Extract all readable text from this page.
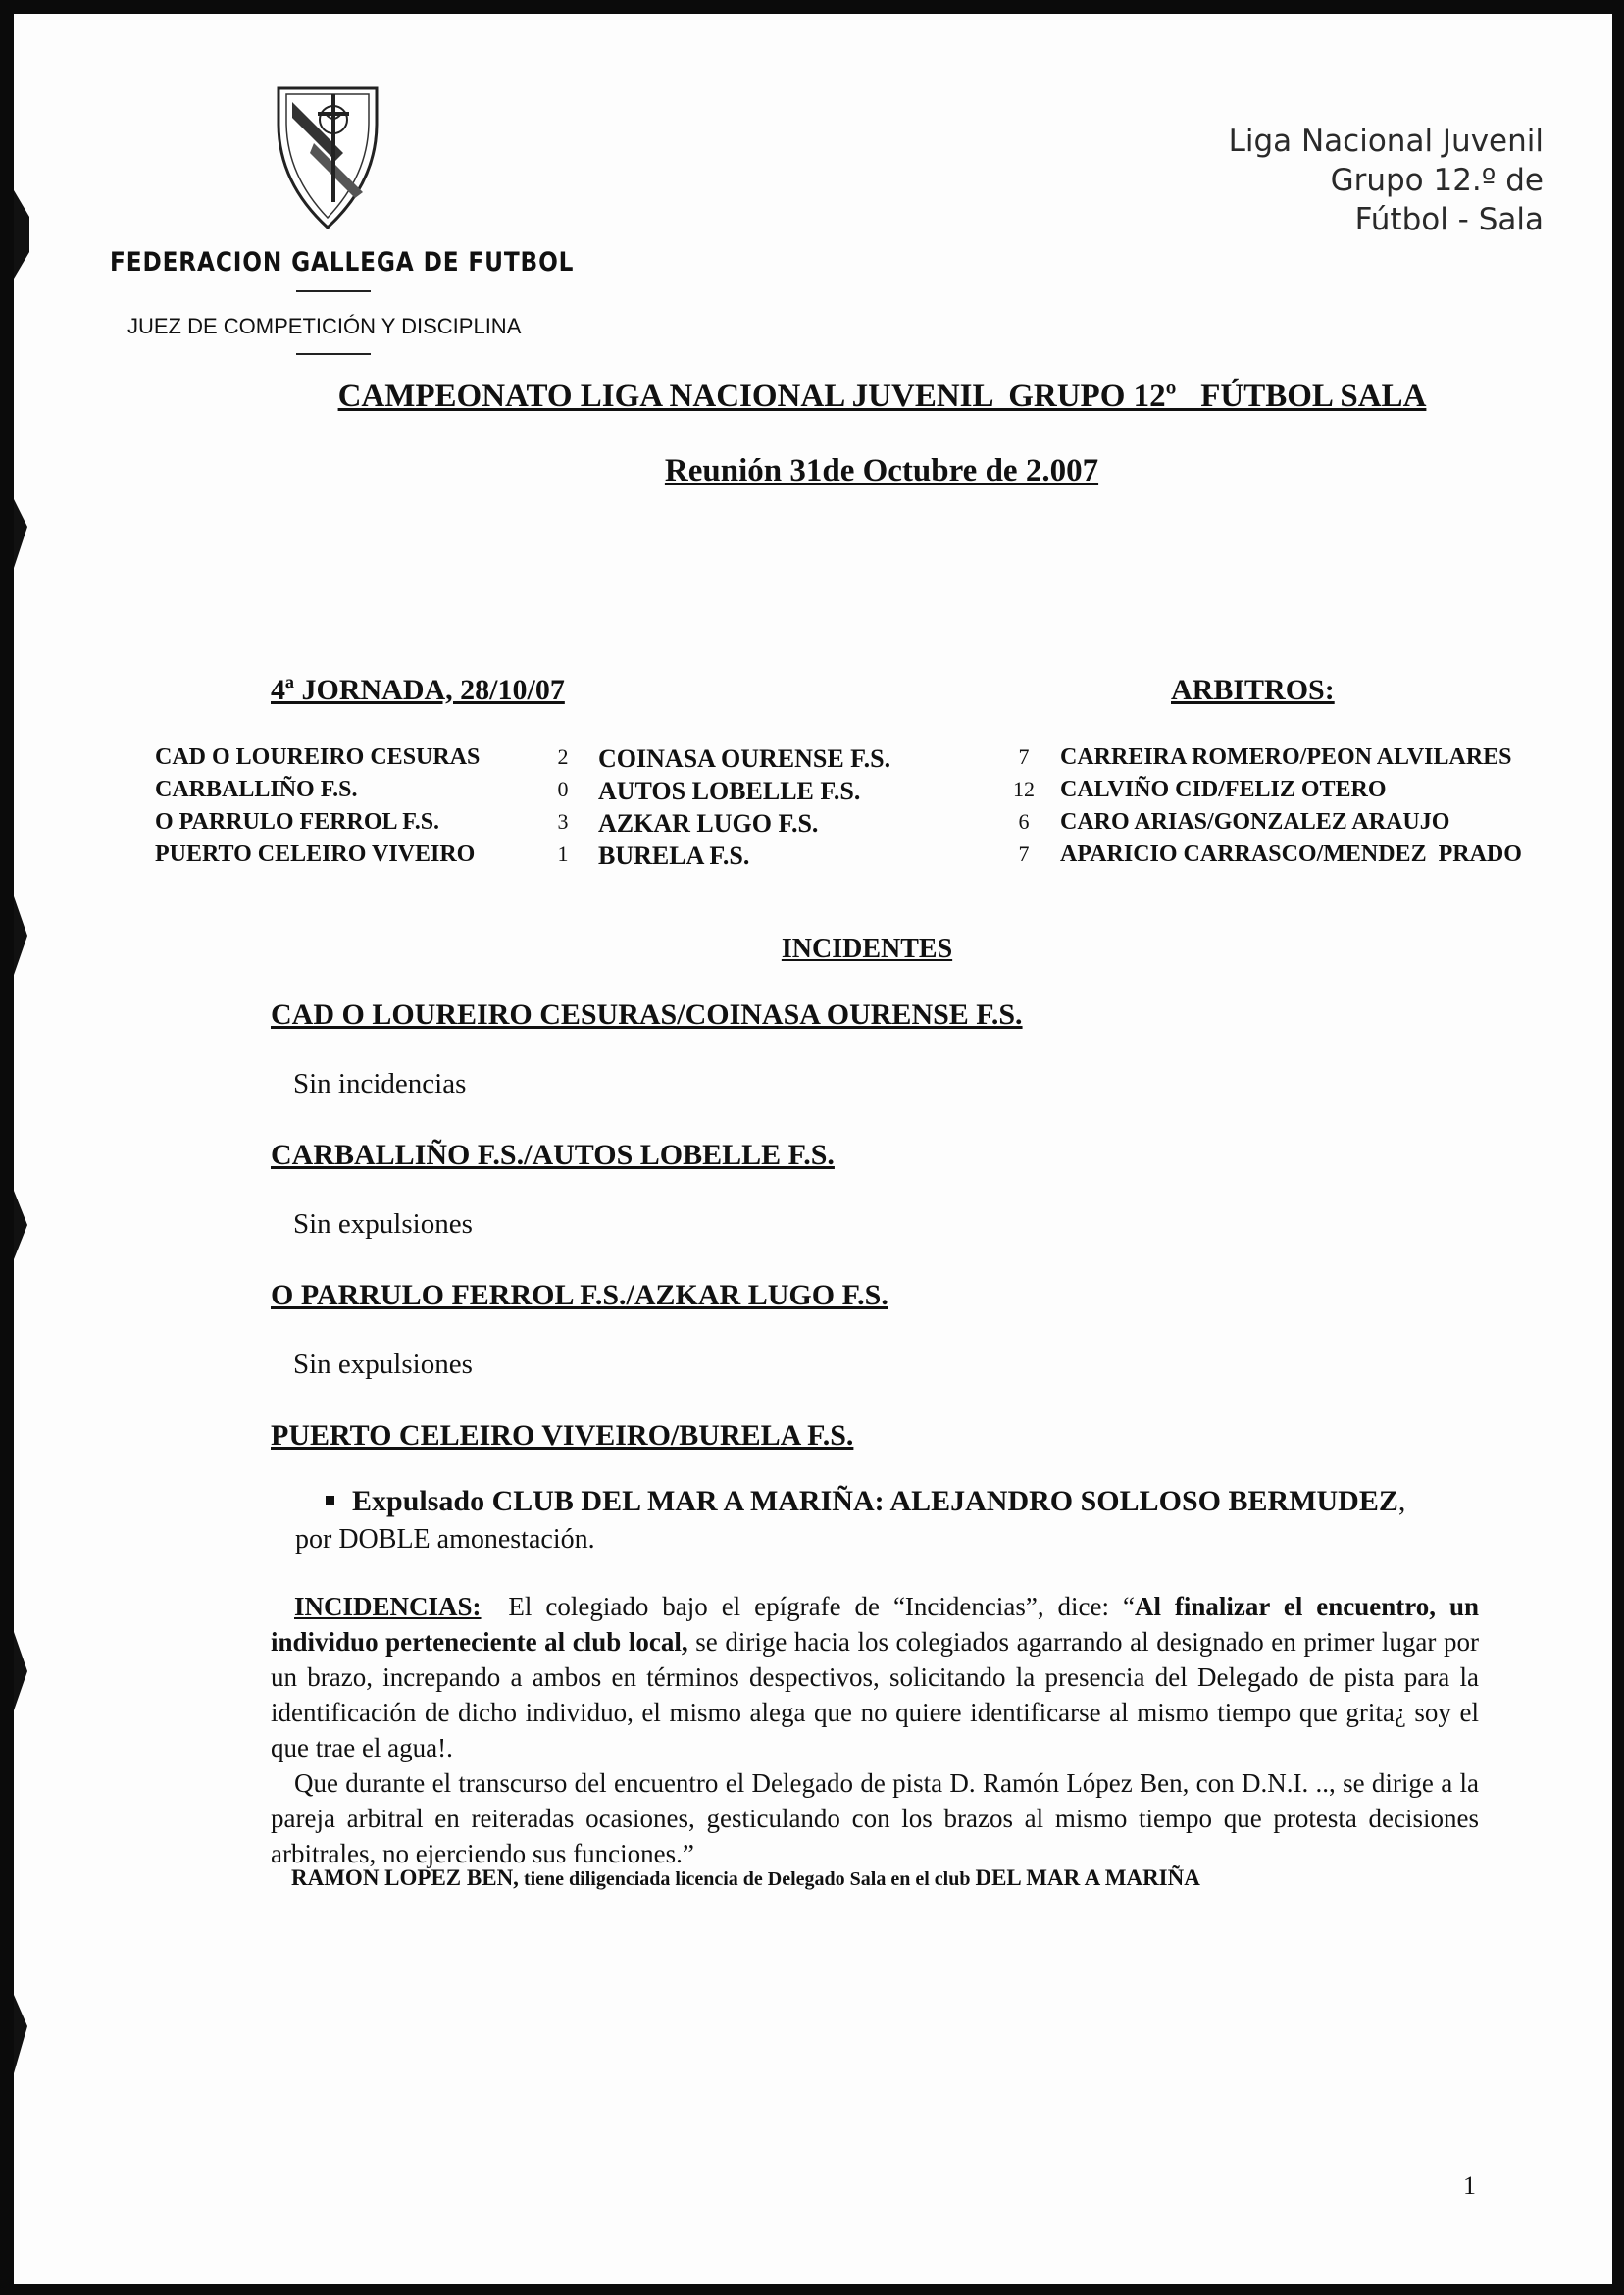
FEDERACION GALLEGA DE FUTBOL
JUEZ DE COMPETICIÓN Y DISCIPLINA
Liga Nacional Juvenil
Grupo 12.º de
Fútbol - Sala
CAMPEONATO LIGA NACIONAL JUVENIL  GRUPO 12º   FÚTBOL SALA
Reunión 31de Octubre de 2.007
4ª JORNADA, 28/10/07	ARBITROS:
CAD O LOUREIRO CESURAS	2 COINASA OURENSE F.S.	7	CARREIRA ROMERO/PEON ALVILARES
CARBALLIÑO F.S.	0 AUTOS LOBELLE F.S.	12	CALVIÑO CID/FELIZ OTERO
O PARRULO FERROL F.S.	3 AZKAR LUGO F.S.	6	CARO ARIAS/GONZALEZ ARAUJO
PUERTO CELEIRO VIVEIRO	1 BURELA F.S.	7	APARICIO CARRASCO/MENDEZ  PRADO
INCIDENTES
CAD O LOUREIRO CESURAS/COINASA OURENSE F.S.
Sin incidencias
CARBALLIÑO F.S./AUTOS LOBELLE F.S.
Sin expulsiones
O PARRULO FERROL F.S./AZKAR LUGO F.S.
Sin expulsiones
PUERTO CELEIRO VIVEIRO/BURELA F.S.
Expulsado CLUB DEL MAR A MARIÑA: ALEJANDRO SOLLOSO BERMUDEZ,
por DOBLE amonestación.

INCIDENCIAS:  El colegiado bajo el epígrafe de “Incidencias”, dice: “Al finalizar el encuentro, un individuo perteneciente al club local, se dirige hacia los colegiados agarrando al designado en primer lugar por un brazo, increpando a ambos en términos despectivos, solicitando la presencia del Delegado de pista para la identificación de dicho individuo, el mismo alega que no quiere identificarse al mismo tiempo que grita¿ soy el que trae el agua!.

Que durante el transcurso del encuentro el Delegado de pista D. Ramón López Ben, con D.N.I. .., se dirige a la pareja arbitral en reiteradas ocasiones, gesticulando con los brazos al mismo tiempo que protesta decisiones arbitrales, no ejerciendo sus funciones.”

RAMON LOPEZ BEN, tiene diligenciada licencia de Delegado Sala en el club DEL MAR A MARIÑA
1
